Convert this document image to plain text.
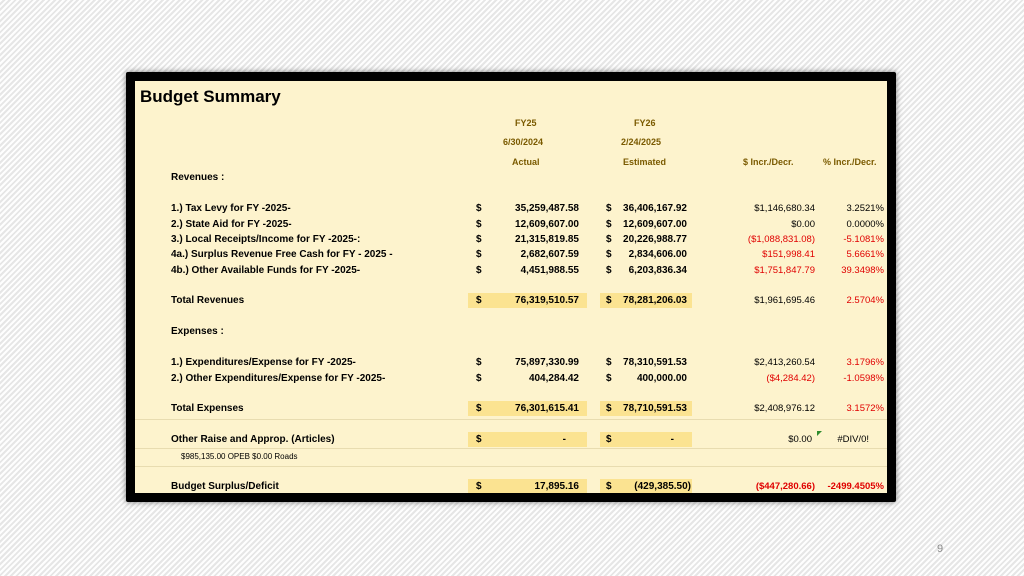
Budget Summary
FY25	FY26
6/30/2024	2/24/2025
Actual	Estimated	$ Incr./Decr.	% Incr./Decr.
Revenues :
1.) Tax Levy for FY -2025-	$	35,259,487.58	$ 36,406,167.92	$1,146,680.34	3.2521%
2.) State Aid for FY -2025-	$	12,609,607.00	$ 12,609,607.00	$0.00	0.0000%
3.) Local Receipts/Income for FY -2025-:	$	21,315,819.85	$ 20,226,988.77	($1,088,831.08)	-5.1081%
4a.) Surplus Revenue Free Cash for FY - 2025 -	$	2,682,607.59	$ 2,834,606.00	$151,998.41	5.6661%
4b.) Other Available Funds for FY -2025-	$	4,451,988.55	$ 6,203,836.34	$1,751,847.79	39.3498%
Total Revenues	$	76,319,510.57	$ 78,281,206.03	$1,961,695.46	2.5704%
Expenses :
1.) Expenditures/Expense for FY -2025-	$	75,897,330.99	$ 78,310,591.53	$2,413,260.54	3.1796%
2.) Other Expenditures/Expense for FY -2025-	$	404,284.42	$	400,000.00	($4,284.42)	-1.0598%
Total Expenses	$	76,301,615.41	$ 78,710,591.53	$2,408,976.12	3.1572%
Other Raise and Approp. (Articles)	$	-	$	-	$0.00	#DIV/0!
$985,135.00 OPEB $0.00 Roads
Budget Surplus/Deficit	$	17,895.16	$ (429,385.50)	($447,280.66) -2499.4505%
9
